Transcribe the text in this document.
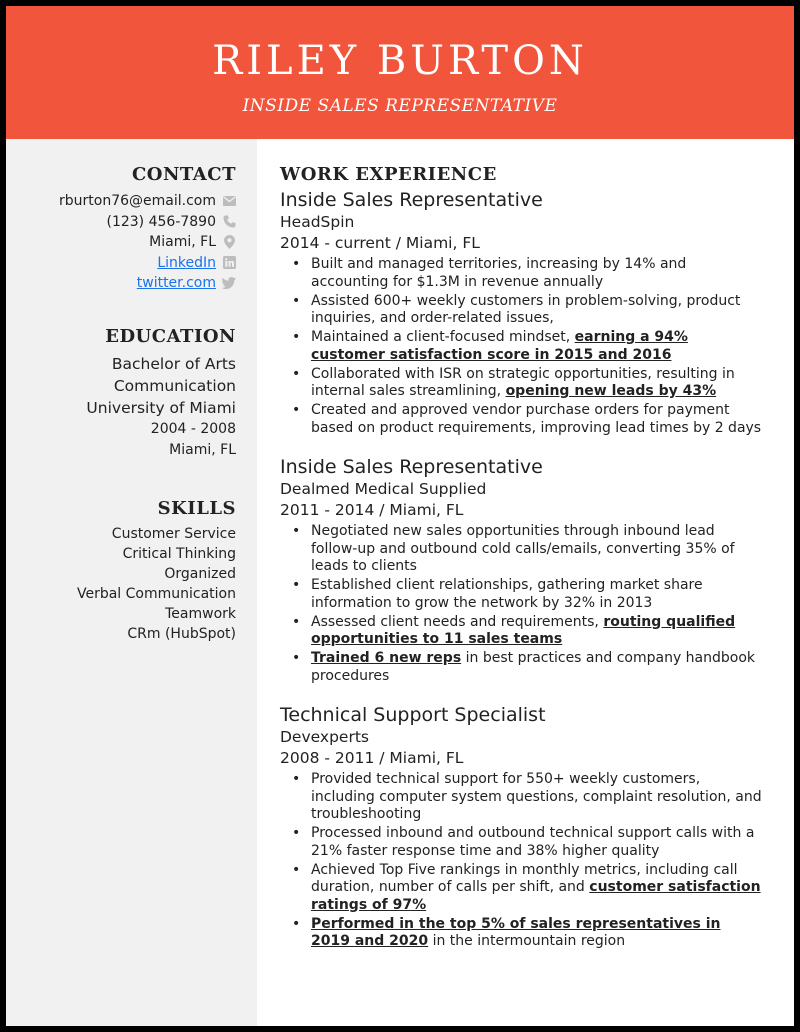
RILEY BURTON
INSIDE SALES REPRESENTATIVE
CONTACT
rburton76@email.com
(123) 456-7890
Miami, FL
LinkedIn
twitter.com
EDUCATION
Bachelor of Arts
Communication
University of Miami
2004 - 2008
Miami, FL
SKILLS
Customer Service
Critical Thinking
Organized
Verbal Communication
Teamwork
CRm (HubSpot)
WORK EXPERIENCE
Inside Sales Representative
HeadSpin
2014 - current / Miami, FL
• Built and managed territories, increasing by 14% and accounting for $1.3M in revenue annually
• Assisted 600+ weekly customers in problem-solving, product inquiries, and order-related issues,
• Maintained a client-focused mindset, earning a 94% customer satisfaction score in 2015 and 2016
• Collaborated with ISR on strategic opportunities, resulting in internal sales streamlining, opening new leads by 43%
• Created and approved vendor purchase orders for payment based on product requirements, improving lead times by 2 days
Inside Sales Representative
Dealmed Medical Supplied
2011 - 2014 / Miami, FL
• Negotiated new sales opportunities through inbound lead follow-up and outbound cold calls/emails, converting 35% of leads to clients
• Established client relationships, gathering market share information to grow the network by 32% in 2013
• Assessed client needs and requirements, routing qualified opportunities to 11 sales teams
• Trained 6 new reps in best practices and company handbook procedures
Technical Support Specialist
Devexperts
2008 - 2011 / Miami, FL
• Provided technical support for 550+ weekly customers, including computer system questions, complaint resolution, and troubleshooting
• Processed inbound and outbound technical support calls with a 21% faster response time and 38% higher quality
• Achieved Top Five rankings in monthly metrics, including call duration, number of calls per shift, and customer satisfaction ratings of 97%
• Performed in the top 5% of sales representatives in 2019 and 2020 in the intermountain region
